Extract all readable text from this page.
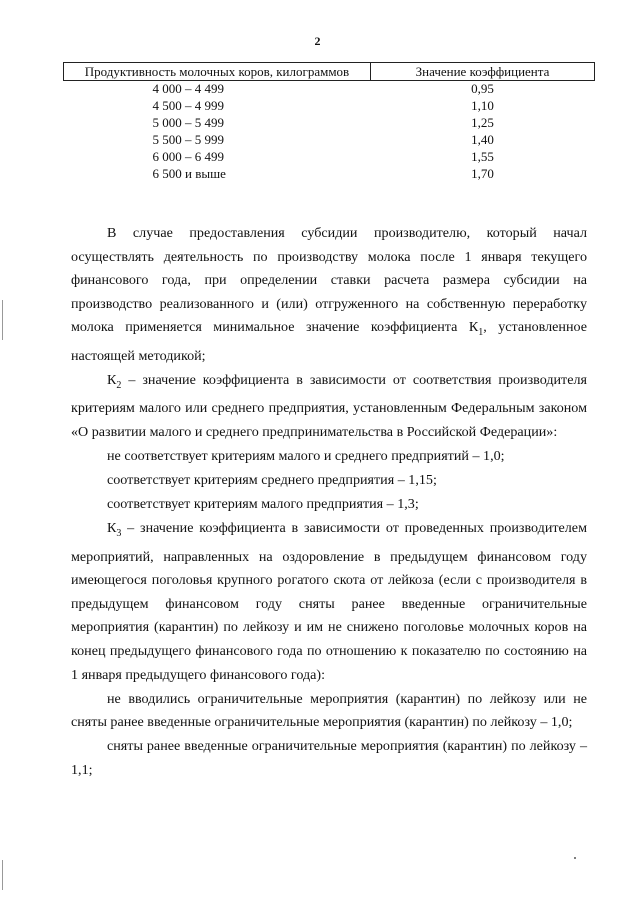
2
Продуктивность молочных коров, килограммов	Значение коэффициента
4 000 – 4 499	0,95
4 500 – 4 999	1,10
5 000 – 5 499	1,25
5 500 – 5 999	1,40
6 000 – 6 499	1,55
6 500 и выше	1,70

В случае предоставления субсидии производителю, который начал осуществлять деятельность по производству молока после 1 января текущего финансового года, при определении ставки расчета размера субсидии на производство реализованного и (или) отгруженного на собственную переработку молока применяется минимальное значение коэффициента $К_1$, установленное настоящей методикой;

$К_2$ – значение коэффициента в зависимости от соответствия производителя критериям малого или среднего предприятия, установленным Федеральным законом «О развитии малого и среднего предпринимательства в Российской Федерации»:

не соответствует критериям малого и среднего предприятий – 1,0;

соответствует критериям среднего предприятия – 1,15;

соответствует критериям малого предприятия – 1,3;

$К_3$ – значение коэффициента в зависимости от проведенных производителем мероприятий, направленных на оздоровление в предыдущем финансовом году имеющегося поголовья крупного рогатого скота от лейкоза (если с производителя в предыдущем финансовом году сняты ранее введенные ограничительные мероприятия (карантин) по лейкозу и им не снижено поголовье молочных коров на конец предыдущего финансового года по отношению к показателю по состоянию на 1 января предыдущего финансового года):

не вводились ограничительные мероприятия (карантин) по лейкозу или не сняты ранее введенные ограничительные мероприятия (карантин) по лейкозу – 1,0;

сняты ранее введенные ограничительные мероприятия (карантин) по лейкозу – 1,1;
